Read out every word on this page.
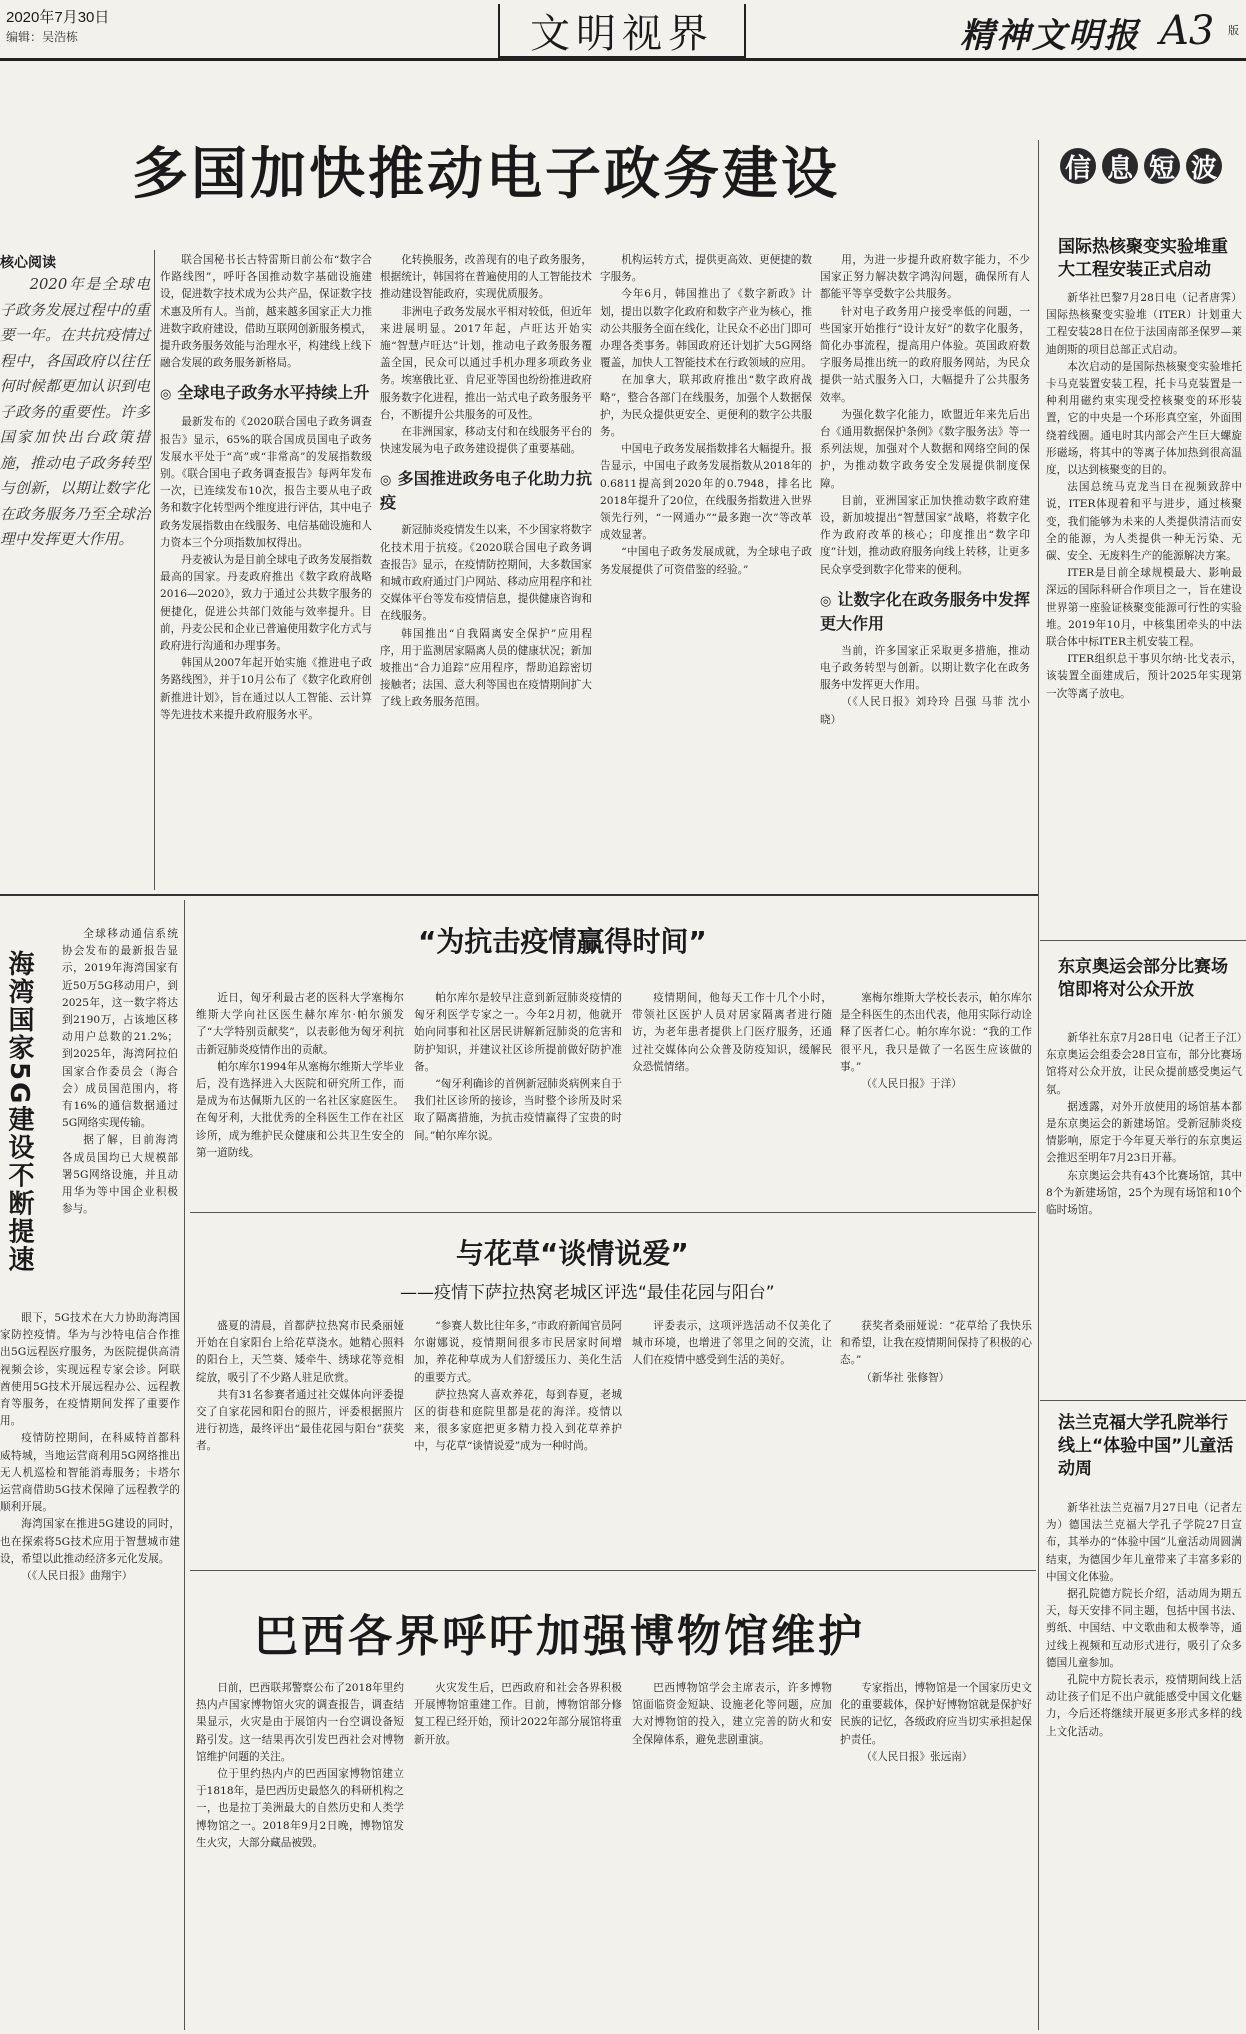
2020年7月30日
编辑：吴浩栋	文明视界	精神文明报 A3 版
多国加快推动电子政务建设
核心阅读

2020年是全球电子政务发展过程中的重要一年。在共抗疫情过程中，各国政府以往任何时候都更加认识到电子政务的重要性。许多国家加快出台政策措施，推动电子政务转型与创新，以期让数字化在政务服务乃至全球治理中发挥更大作用。

联合国秘书长古特雷斯日前公布“数字合作路线图”，呼吁各国推动数字基础设施建设，促进数字技术成为公共产品，保证数字技术惠及所有人。当前，越来越多国家正大力推进数字政府建设，借助互联网创新服务模式，提升政务服务效能与治理水平，构建线上线下融合发展的政务服务新格局。

◎ 全球电子政务水平持续上升

最新发布的《2020联合国电子政务调查报告》显示，65%的联合国成员国电子政务发展水平处于“高”或“非常高”的发展指数级别。《联合国电子政务调查报告》每两年发布一次，已连续发布10次，报告主要从电子政务和数字化转型两个维度进行评估，其中电子政务发展指数由在线服务、电信基础设施和人力资本三个分项指数加权得出。

丹麦被认为是目前全球电子政务发展指数最高的国家。丹麦政府推出《数字政府战略2016—2020》，致力于通过公共数字服务的便捷化，促进公共部门效能与效率提升。目前，丹麦公民和企业已普遍使用数字化方式与政府进行沟通和办理事务。

韩国从2007年起开始实施《推进电子政务路线图》，并于10月公布了《数字化政府创新推进计划》，旨在通过以人工智能、云计算等先进技术来提升政府服务水平。

化转换服务，改善现有的电子政务服务，根据统计，韩国将在普遍使用的人工智能技术推动建设智能政府，实现优质服务。

非洲电子政务发展水平相对较低，但近年来进展明显。2017年起，卢旺达开始实施“智慧卢旺达”计划，推动电子政务服务覆盖全国，民众可以通过手机办理多项政务业务。埃塞俄比亚、肯尼亚等国也纷纷推进政府服务数字化进程，推出一站式电子政务服务平台，不断提升公共服务的可及性。

在非洲国家，移动支付和在线服务平台的快速发展为电子政务建设提供了重要基础。

◎ 多国推进政务电子化助力抗疫

新冠肺炎疫情发生以来，不少国家将数字化技术用于抗疫。《2020联合国电子政务调查报告》显示，在疫情防控期间，大多数国家和城市政府通过门户网站、移动应用程序和社交媒体平台等发布疫情信息，提供健康咨询和在线服务。

韩国推出“自我隔离安全保护”应用程序，用于监测居家隔离人员的健康状况；新加坡推出“合力追踪”应用程序，帮助追踪密切接触者；法国、意大利等国也在疫情期间扩大了线上政务服务范围。

机构运转方式，提供更高效、更便捷的数字服务。

今年6月，韩国推出了《数字新政》计划，提出以数字化政府和数字产业为核心，推动公共服务全面在线化，让民众不必出门即可办理各类事务。韩国政府还计划扩大5G网络覆盖，加快人工智能技术在行政领域的应用。

在加拿大，联邦政府推出“数字政府战略”，整合各部门在线服务，加强个人数据保护，为民众提供更安全、更便利的数字公共服务。

中国电子政务发展指数排名大幅提升。报告显示，中国电子政务发展指数从2018年的0.6811提高到2020年的0.7948，排名比2018年提升了20位，在线服务指数进入世界领先行列，“一网通办”“最多跑一次”等改革成效显著。

“中国电子政务发展成就，为全球电子政务发展提供了可资借鉴的经验。”

用，为进一步提升政府数字能力，不少国家正努力解决数字鸿沟问题，确保所有人都能平等享受数字公共服务。

针对电子政务用户接受率低的问题，一些国家开始推行“设计友好”的数字化服务，简化办事流程，提高用户体验。英国政府数字服务局推出统一的政府服务网站，为民众提供一站式服务入口，大幅提升了公共服务效率。

为强化数字化能力，欧盟近年来先后出台《通用数据保护条例》《数字服务法》等一系列法规，加强对个人数据和网络空间的保护，为推动数字政务安全发展提供制度保障。

目前，亚洲国家正加快推动数字政府建设，新加坡提出“智慧国家”战略，将数字化作为政府改革的核心；印度推出“数字印度”计划，推动政府服务向线上转移，让更多民众享受到数字化带来的便利。

◎ 让数字化在政务服务中发挥更大作用

当前，许多国家正采取更多措施，推动电子政务转型与创新。以期让数字化在政务服务中发挥更大作用。

（《人民日报》刘玲玲 吕强 马菲 沈小晓）

信 息 短 波
国际热核聚变实验堆重大工程安装正式启动

新华社巴黎7月28日电（记者唐霁）国际热核聚变实验堆（ITER）计划重大工程安装28日在位于法国南部圣保罗—莱迪朗斯的项目总部正式启动。

本次启动的是国际热核聚变实验堆托卡马克装置安装工程，托卡马克装置是一种利用磁约束实现受控核聚变的环形装置，它的中央是一个环形真空室，外面围绕着线圈。通电时其内部会产生巨大螺旋形磁场，将其中的等离子体加热到很高温度，以达到核聚变的目的。

法国总统马克龙当日在视频致辞中说，ITER体现着和平与进步，通过核聚变，我们能够为未来的人类提供清洁而安全的能源，为人类提供一种无污染、无碳、安全、无废料生产的能源解决方案。

ITER是目前全球规模最大、影响最深远的国际科研合作项目之一，旨在建设世界第一座验证核聚变能源可行性的实验堆。2019年10月，中核集团牵头的中法联合体中标ITER主机安装工程。

ITER组织总干事贝尔纳·比戈表示，该装置全面建成后，预计2025年实现第一次等离子放电。

东京奥运会部分比赛场馆即将对公众开放

新华社东京7月28日电（记者王子江）东京奥运会组委会28日宣布，部分比赛场馆将对公众开放，让民众提前感受奥运气氛。

据透露，对外开放使用的场馆基本都是东京奥运会的新建场馆。受新冠肺炎疫情影响，原定于今年夏天举行的东京奥运会推迟至明年7月23日开幕。

东京奥运会共有43个比赛场馆，其中8个为新建场馆，25个为现有场馆和10个临时场馆。

法兰克福大学孔院举行线上“体验中国”儿童活动周

新华社法兰克福7月27日电（记者左为）德国法兰克福大学孔子学院27日宣布，其举办的“体验中国”儿童活动周圆满结束，为德国少年儿童带来了丰富多彩的中国文化体验。

据孔院德方院长介绍，活动周为期五天，每天安排不同主题，包括中国书法、剪纸、中国结、中文歌曲和太极拳等，通过线上视频和互动形式进行，吸引了众多德国儿童参加。

孔院中方院长表示，疫情期间线上活动让孩子们足不出户就能感受中国文化魅力，今后还将继续开展更多形式多样的线上文化活动。

海湾国家5G建设不断提速

全球移动通信系统协会发布的最新报告显示，2019年海湾国家有近50万5G移动用户，到2025年，这一数字将达到2190万，占该地区移动用户总数的21.2%；到2025年，海湾阿拉伯国家合作委员会（海合会）成员国范围内，将有16%的通信数据通过5G网络实现传输。

据了解，目前海湾各成员国均已大规模部署5G网络设施，并且动用华为等中国企业积极参与。

眼下，5G技术在大力协助海湾国家防控疫情。华为与沙特电信合作推出5G远程医疗服务，为医院提供高清视频会诊，实现远程专家会诊。阿联酋使用5G技术开展远程办公、远程教育等服务，在疫情期间发挥了重要作用。

疫情防控期间，在科威特首都科威特城，当地运营商利用5G网络推出无人机巡检和智能消毒服务；卡塔尔运营商借助5G技术保障了远程教学的顺利开展。

海湾国家在推进5G建设的同时，也在探索将5G技术应用于智慧城市建设，希望以此推动经济多元化发展。

（《人民日报》曲翔宇）

“为抗击疫情赢得时间”

近日，匈牙利最古老的医科大学塞梅尔维斯大学向社区医生赫尔库尔·帕尔颁发了“大学特别贡献奖”，以表彰他为匈牙利抗击新冠肺炎疫情作出的贡献。

帕尔库尔1994年从塞梅尔维斯大学毕业后，没有选择进入大医院和研究所工作，而是成为布达佩斯九区的一名社区家庭医生。在匈牙利，大批优秀的全科医生工作在社区诊所，成为维护民众健康和公共卫生安全的第一道防线。

帕尔库尔是较早注意到新冠肺炎疫情的匈牙利医学专家之一。今年2月初，他就开始向同事和社区居民讲解新冠肺炎的危害和防护知识，并建议社区诊所提前做好防护准备。

“匈牙利确诊的首例新冠肺炎病例来自于我们社区诊所的接诊，当时整个诊所及时采取了隔离措施，为抗击疫情赢得了宝贵的时间。”帕尔库尔说。

疫情期间，他每天工作十几个小时，带领社区医护人员对居家隔离者进行随访，为老年患者提供上门医疗服务，还通过社交媒体向公众普及防疫知识，缓解民众恐慌情绪。

塞梅尔维斯大学校长表示，帕尔库尔是全科医生的杰出代表，他用实际行动诠释了医者仁心。帕尔库尔说：“我的工作很平凡，我只是做了一名医生应该做的事。”

（《人民日报》于洋）

与花草“谈情说爱”
——疫情下萨拉热窝老城区评选“最佳花园与阳台”

盛夏的清晨，首都萨拉热窝市民桑丽娅开始在自家阳台上给花草浇水。她精心照料的阳台上，天竺葵、矮牵牛、绣球花等竞相绽放，吸引了不少路人驻足欣赏。

共有31名参赛者通过社交媒体向评委提交了自家花园和阳台的照片，评委根据照片进行初选，最终评出“最佳花园与阳台”获奖者。

“参赛人数比往年多，”市政府新闻官员阿尔谢娜说，疫情期间很多市民居家时间增加，养花种草成为人们舒缓压力、美化生活的重要方式。

萨拉热窝人喜欢养花，每到春夏，老城区的街巷和庭院里都是花的海洋。疫情以来，很多家庭把更多精力投入到花草养护中，与花草“谈情说爱”成为一种时尚。

评委表示，这项评选活动不仅美化了城市环境，也增进了邻里之间的交流，让人们在疫情中感受到生活的美好。

获奖者桑丽娅说：“花草给了我快乐和希望，让我在疫情期间保持了积极的心态。”

（新华社 张修智）

巴西各界呼吁加强博物馆维护

日前，巴西联邦警察公布了2018年里约热内卢国家博物馆火灾的调查报告，调查结果显示，火灾是由于展馆内一台空调设备短路引发。这一结果再次引发巴西社会对博物馆维护问题的关注。

位于里约热内卢的巴西国家博物馆建立于1818年，是巴西历史最悠久的科研机构之一，也是拉丁美洲最大的自然历史和人类学博物馆之一。2018年9月2日晚，博物馆发生火灾，大部分藏品被毁。

火灾发生后，巴西政府和社会各界积极开展博物馆重建工作。目前，博物馆部分修复工程已经开始，预计2022年部分展馆将重新开放。

巴西博物馆学会主席表示，许多博物馆面临资金短缺、设施老化等问题，应加大对博物馆的投入，建立完善的防火和安全保障体系，避免悲剧重演。

专家指出，博物馆是一个国家历史文化的重要载体，保护好博物馆就是保护好民族的记忆，各级政府应当切实承担起保护责任。

（《人民日报》张远南）
